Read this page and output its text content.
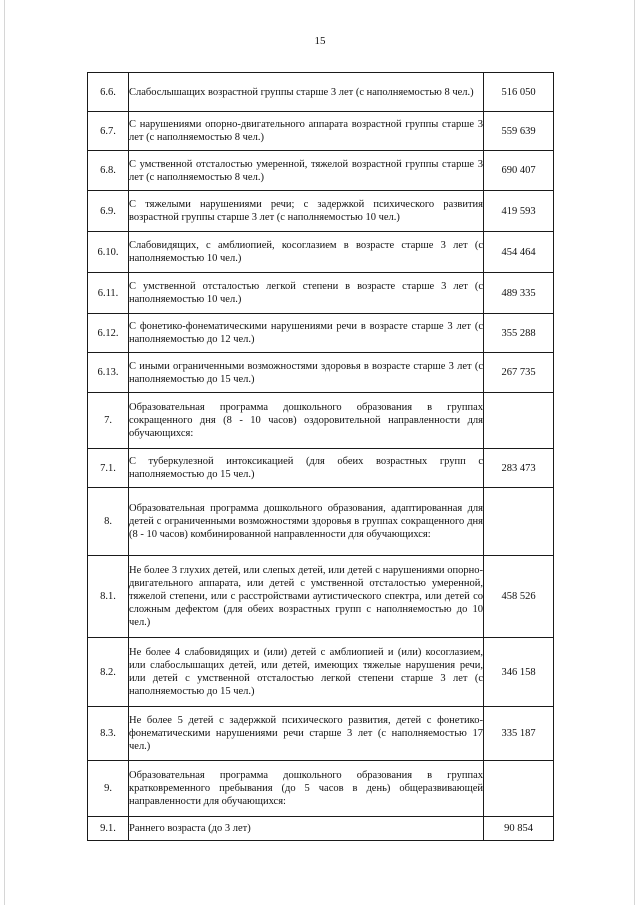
15
6.6.	Слабослышащих возрастной группы старше 3 лет (с наполняемостью 8 чел.)	516 050
6.7.	С нарушениями опорно-двигательного аппарата возрастной группы старше 3 лет (с наполняемостью 8 чел.)	559 639
6.8.	С умственной отсталостью умеренной, тяжелой возрастной группы старше 3 лет (с наполняемостью 8 чел.)	690 407
6.9.	С тяжелыми нарушениями речи; с задержкой психического развития возрастной группы старше 3 лет (с наполняемостью 10 чел.)	419 593
6.10.	Слабовидящих, с амблиопией, косоглазием в возрасте старше 3 лет (с наполняемостью 10 чел.)	454 464
6.11.	С умственной отсталостью легкой степени в возрасте старше 3 лет (с наполняемостью 10 чел.)	489 335
6.12.	С фонетико-фонематическими нарушениями речи в возрасте старше 3 лет (с наполняемостью до 12 чел.)	355 288
6.13.	С иными ограниченными возможностями здоровья в возрасте старше 3 лет (с наполняемостью до 15 чел.)	267 735
7.	Образовательная программа дошкольного образования в группах сокращенного дня (8 - 10 часов) оздоровительной направленности для обучающихся:	
7.1.	С туберкулезной интоксикацией (для обеих возрастных групп с наполняемостью до 15 чел.)	283 473
8.	Образовательная программа дошкольного образования, адаптированная для детей с ограниченными возможностями здоровья в группах сокращенного дня (8 - 10 часов) комбинированной направленности для обучающихся:	
8.1.	Не более 3 глухих детей, или слепых детей, или детей с нарушениями опорно-двигательного аппарата, или детей с умственной отсталостью умеренной, тяжелой степени, или с расстройствами аутистического спектра, или детей со сложным дефектом (для обеих возрастных групп с наполняемостью до 10 чел.)	458 526
8.2.	Не более 4 слабовидящих и (или) детей с амблиопией и (или) косоглазием, или слабослышащих детей, или детей, имеющих тяжелые нарушения речи, или детей с умственной отсталостью легкой степени старше 3 лет (с наполняемостью до 15 чел.)	346 158
8.3.	Не более 5 детей с задержкой психического развития, детей с фонетико-фонематическими нарушениями речи старше 3 лет (с наполняемостью 17 чел.)	335 187
9.	Образовательная программа дошкольного образования в группах кратковременного пребывания (до 5 часов в день) общеразвивающей направленности для обучающихся:	
9.1.	Раннего возраста (до 3 лет)	90 854
